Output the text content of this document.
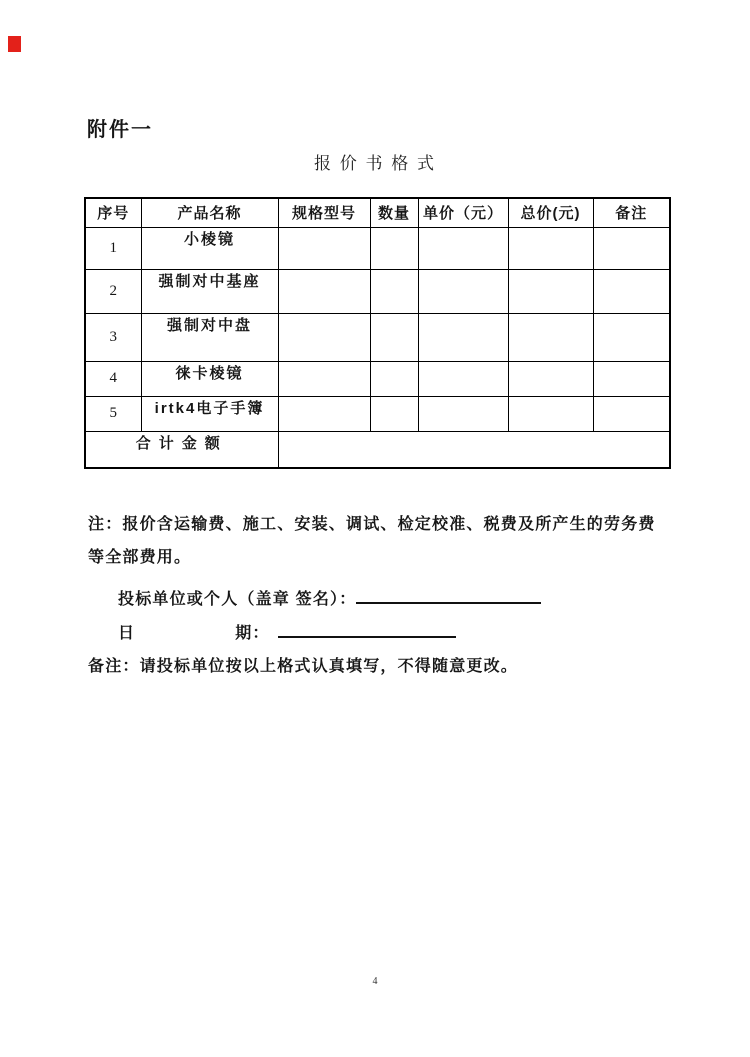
附件一
报 价 书 格 式
序号	产品名称	规格型号	数量	单价（元）	总价(元)	备注
1	小棱镜					
2	强制对中基座					
3	强制对中盘					
4	徕卡棱镜					
5	irtk4电子手簿					
合计金额						
注：报价含运输费、施工、安装、调试、检定校准、税费及所产生的劳务费
等全部费用。
投标单位或个人（盖章 签名）：
日	期：
备注：请投标单位按以上格式认真填写，不得随意更改。
4
